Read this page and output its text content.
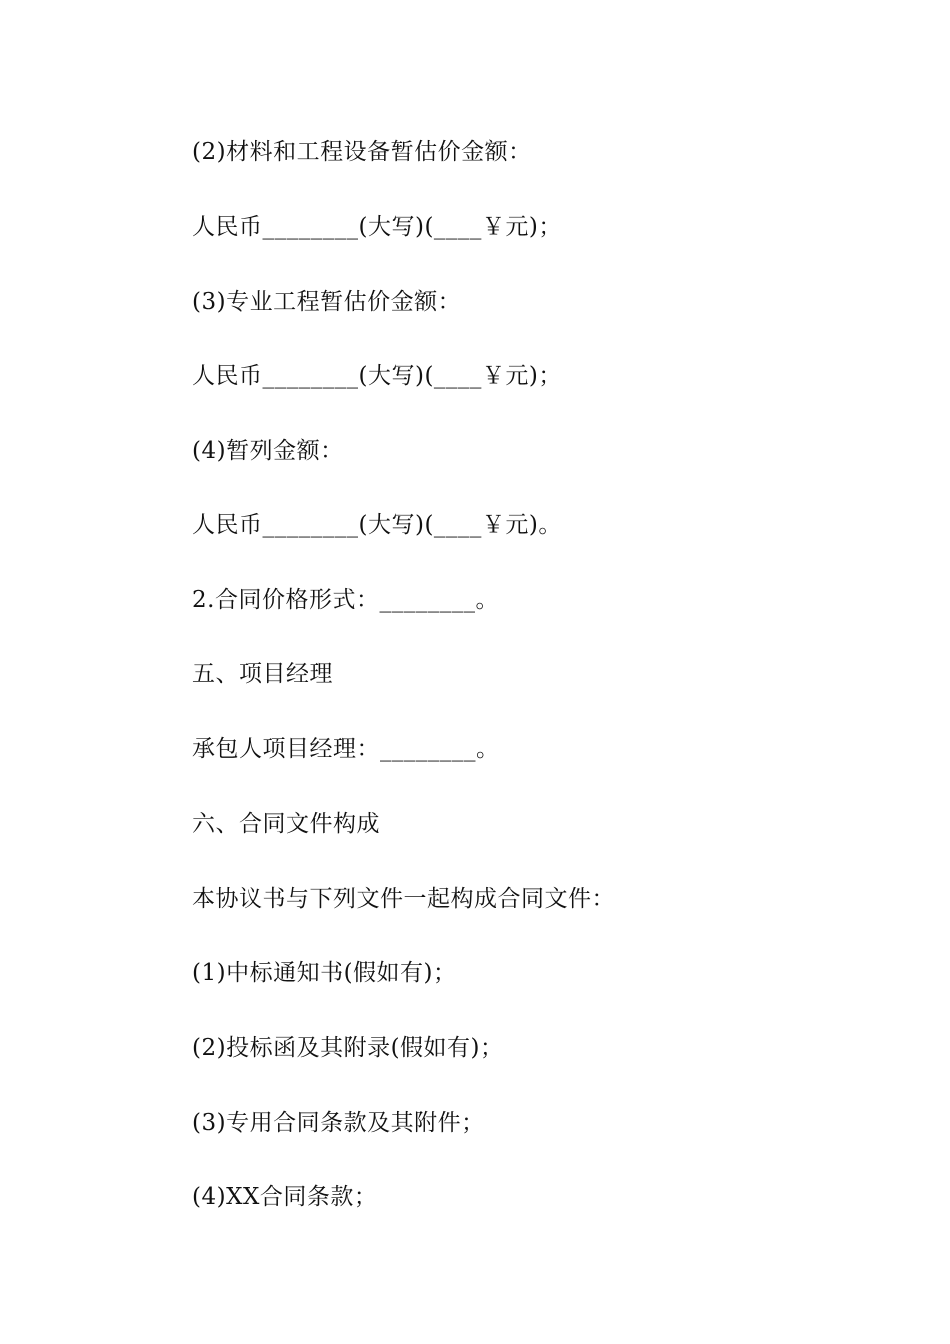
(2)材料和工程设备暂估价金额：
人民币________(大写)(____￥元)；
(3)专业工程暂估价金额：
人民币________(大写)(____￥元)；
(4)暂列金额：
人民币________(大写)(____￥元)。
2.合同价格形式：________。
五、项目经理
承包人项目经理：________。
六、合同文件构成
本协议书与下列文件一起构成合同文件：
(1)中标通知书(假如有)；
(2)投标函及其附录(假如有)；
(3)专用合同条款及其附件；
(4)XX合同条款；
